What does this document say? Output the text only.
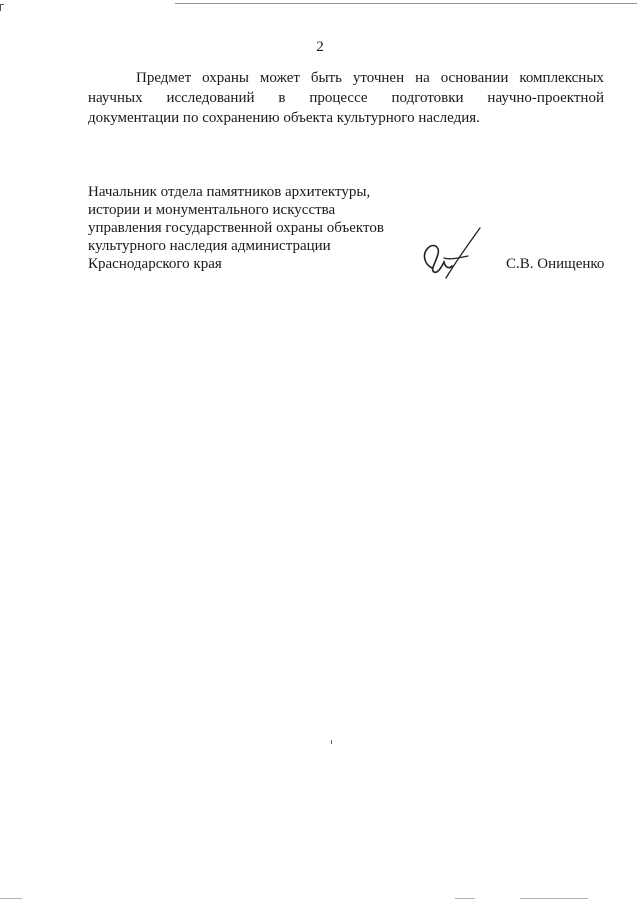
2
Предмет охраны может быть уточнен на основании комплексных
научных исследований в процессе подготовки научно-проектной
документации по сохранению объекта культурного наследия.
Начальник отдела памятников архитектуры,
истории и монументального искусства
управления государственной охраны объектов
культурного наследия администрации
Краснодарского края	С.В. Онищенко
